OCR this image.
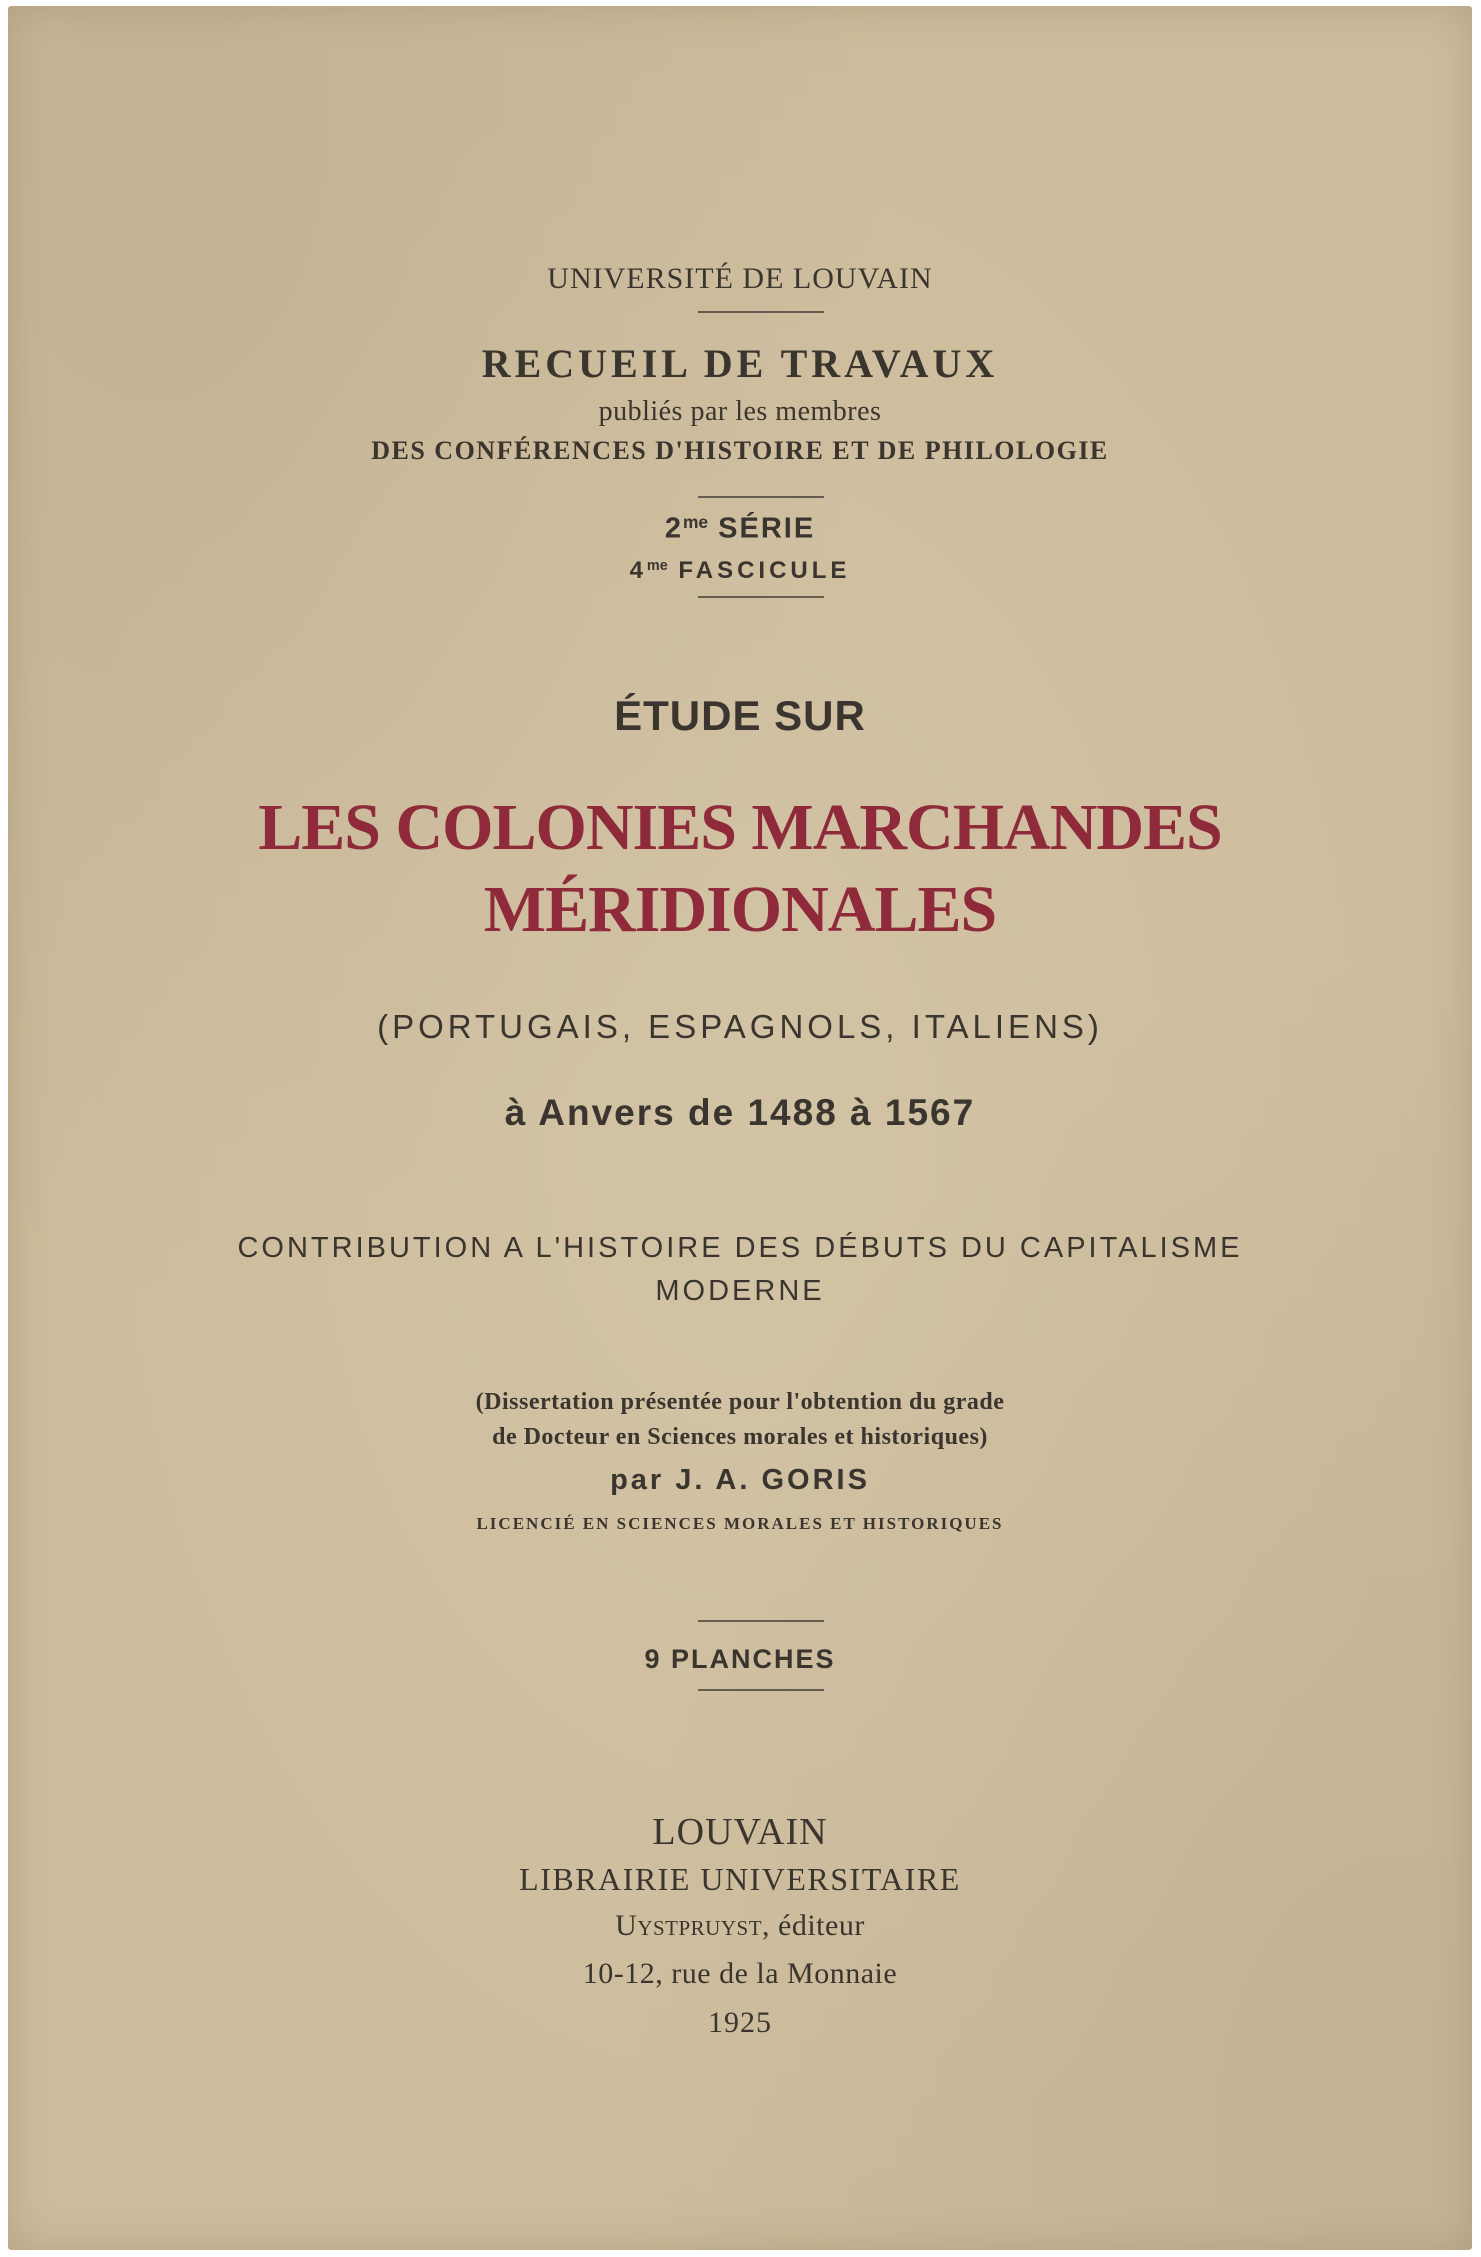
UNIVERSITÉ DE LOUVAIN
RECUEIL DE TRAVAUX
publiés par les membres
DES CONFÉRENCES D'HISTOIRE ET DE PHILOLOGIE
$2^{me}$ SÉRIE
$4^{me}$ FASCICULE
ÉTUDE SUR
LES COLONIES MARCHANDES
MÉRIDIONALES
(PORTUGAIS, ESPAGNOLS, ITALIENS)
à Anvers de 1488 à 1567
CONTRIBUTION A L'HISTOIRE DES DÉBUTS DU CAPITALISME
MODERNE
(Dissertation présentée pour l'obtention du grade
de Docteur en Sciences morales et historiques)
par J. A. GORIS
LICENCIÉ EN SCIENCES MORALES ET HISTORIQUES
9 PLANCHES
LOUVAIN
LIBRAIRIE UNIVERSITAIRE
Uystpruyst, éditeur
10-12, rue de la Monnaie
1925
